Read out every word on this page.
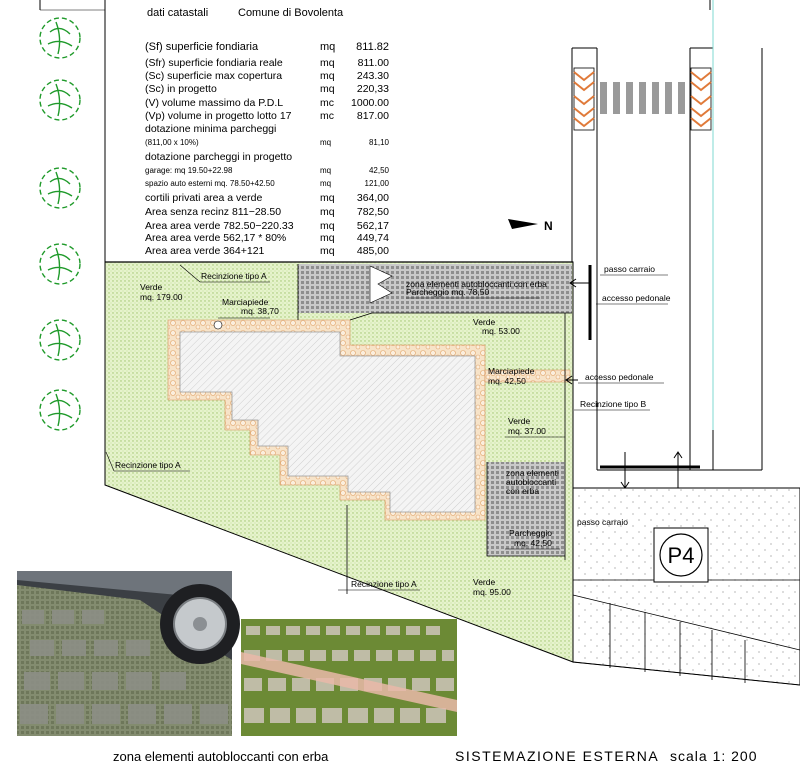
dati catastali	Comune di Bovolenta
(Sf) superficie fondiaria	mq 811.82
(Sfr) superficie fondiaria reale	mq 811.00
(Sc) superficie max copertura	mq 243.30
(Sc) in progetto	mq 220,33
(V) volume massimo da P.D.L	mc 1000.00
(Vp) volume in progetto lotto 17	mc 817.00
dotazione minima parcheggi
(811,00 x 10%)	mq	81,10
dotazione parcheggi in progetto
garage: mq 19.50+22.98	mq	42,50
spazio auto esterni mq. 78.50+42.50	mq	121,00
cortili privati area a verde	mq 364,00
Area senza recinz 811−28.50	mq 782,50
Area area verde 782.50−220.33	mq 562,17
Area area verde 562,17 * 80%	mq 449,74
Area area verde 364+121	mq 485,00
N
P4
Recinzione tipo A
Verde
mq. 179.00	Marciapiede
mq. 38,70
zona elementi autobloccanti con erba
Parcheggio mq. 78,50
Verde
mq. 53.00
Marciapiede
mq. 42,50
Verde
mq. 37.00
zona elementi
autobloccanti
con erba
Parcheggio
mq. 42,50
Recinzione tipo A
Recinzione tipo A	Verde
mq. 95.00
Recinzione tipo B
passo carraio
accesso pedonale
accesso pedonale
passo carraio
zona elementi autobloccanti con erba	SISTEMAZIONE ESTERNA scala 1: 200
